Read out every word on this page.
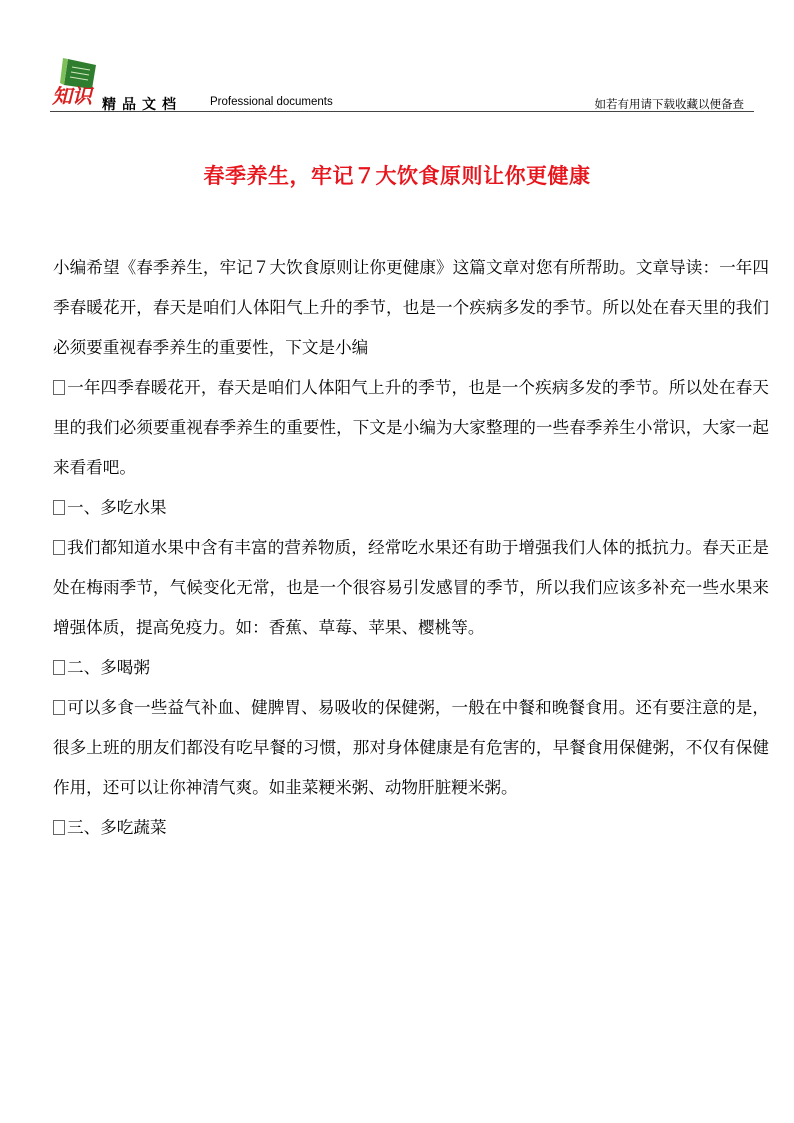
知识 精品文档 Professional documents	如若有用请下载收藏以便备查
春季养生，牢记７大饮食原则让你更健康

小编希望《春季养生，牢记７大饮食原则让你更健康》这篇文章对您有所帮助。文章导读：一年四季春暖花开，春天是咱们人体阳气上升的季节，也是一个疾病多发的季节。所以处在春天里的我们必须要重视春季养生的重要性，下文是小编

一年四季春暖花开，春天是咱们人体阳气上升的季节，也是一个疾病多发的季节。所以处在春天里的我们必须要重视春季养生的重要性，下文是小编为大家整理的一些春季养生小常识，大家一起来看看吧。

一、多吃水果

我们都知道水果中含有丰富的营养物质，经常吃水果还有助于增强我们人体的抵抗力。春天正是处在梅雨季节，气候变化无常，也是一个很容易引发感冒的季节，所以我们应该多补充一些水果来增强体质，提高免疫力。如：香蕉、草莓、苹果、樱桃等。

二、多喝粥

可以多食一些益气补血、健脾胃、易吸收的保健粥，一般在中餐和晚餐食用。还有要注意的是，很多上班的朋友们都没有吃早餐的习惯，那对身体健康是有危害的，早餐食用保健粥，不仅有保健作用，还可以让你神清气爽。如韭菜粳米粥、动物肝脏粳米粥。

三、多吃蔬菜
